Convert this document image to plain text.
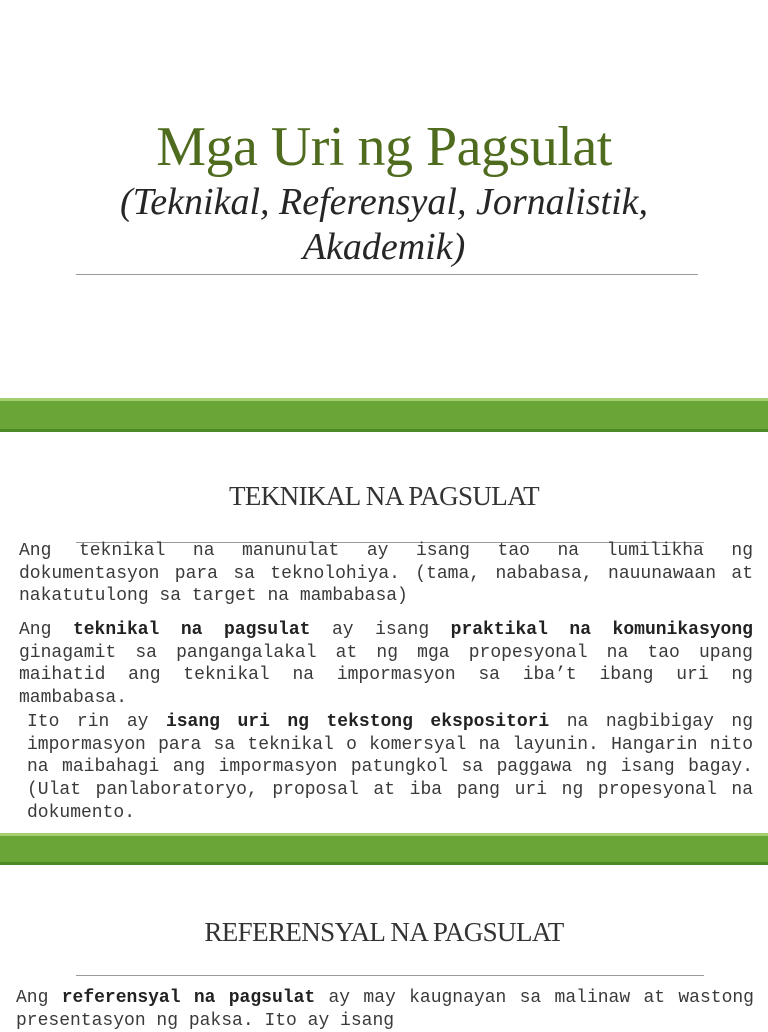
Mga Uri ng Pagsulat

(Teknikal, Referensyal, Jornalistik, Akademik)

TEKNIKAL NA PAGSULAT

Ang teknikal na manunulat ay isang tao na lumilikha ng dokumentasyon para sa teknolohiya. (tama, nababasa, nauunawaan at nakatutulong sa target na mambabasa)

Ang teknikal na pagsulat ay isang praktikal na komunikasyong ginagamit sa pangangalakal at ng mga propesyonal na tao upang maihatid ang teknikal na impormasyon sa iba’t ibang uri ng mambabasa.

Ito rin ay isang uri ng tekstong ekspositori na nagbibigay ng impormasyon para sa teknikal o komersyal na layunin. Hangarin nito na maibahagi ang impormasyon patungkol sa paggawa ng isang bagay. (Ulat panlaboratoryo, proposal at iba pang uri ng propesyonal na dokumento.

REFERENSYAL NA PAGSULAT

Ang referensyal na pagsulat ay may kaugnayan sa malinaw at wastong presentasyon ng paksa. Ito ay isang
